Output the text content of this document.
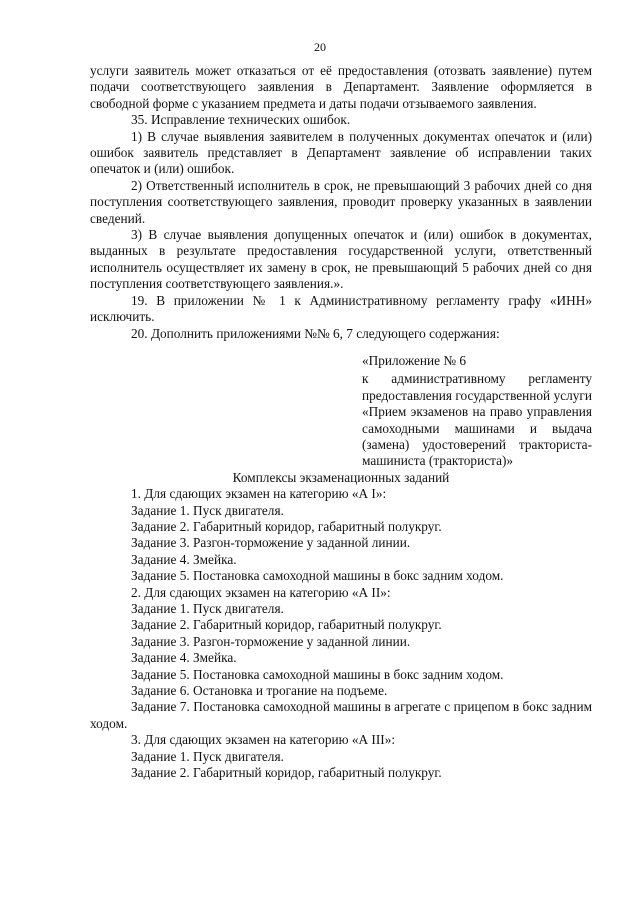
20

услуги заявитель может отказаться от её предоставления (отозвать заявление) путем подачи соответствующего заявления в Департамент. Заявление оформляется в свободной форме с указанием предмета и даты подачи отзываемого заявления.

35. Исправление технических ошибок.

1) В случае выявления заявителем в полученных документах опечаток и (или) ошибок заявитель представляет в Департамент заявление об исправлении таких опечаток и (или) ошибок.

2) Ответственный исполнитель в срок, не превышающий 3 рабочих дней со дня поступления соответствующего заявления, проводит проверку указанных в заявлении сведений.

3) В случае выявления допущенных опечаток и (или) ошибок в документах, выданных в результате предоставления государственной услуги, ответственный исполнитель осуществляет их замену в срок, не превышающий 5 рабочих дней со дня поступления соответствующего заявления.».

19. В приложении № 1 к Административному регламенту графу «ИНН» исключить.

20. Дополнить приложениями №№ 6, 7 следующего содержания:

«Приложение № 6

к административному регламенту предоставления государственной услуги «Прием экзаменов на право управления самоходными машинами и выдача (замена) удостоверений тракториста-машиниста (тракториста)»

Комплексы экзаменационных заданий

1. Для сдающих экзамен на категорию «А I»:

Задание 1. Пуск двигателя.

Задание 2. Габаритный коридор, габаритный полукруг.

Задание 3. Разгон-торможение у заданной линии.

Задание 4. Змейка.

Задание 5. Постановка самоходной машины в бокс задним ходом.

2. Для сдающих экзамен на категорию «А II»:

Задание 1. Пуск двигателя.

Задание 2. Габаритный коридор, габаритный полукруг.

Задание 3. Разгон-торможение у заданной линии.

Задание 4. Змейка.

Задание 5. Постановка самоходной машины в бокс задним ходом.

Задание 6. Остановка и трогание на подъеме.

Задание 7. Постановка самоходной машины в агрегате с прицепом в бокс задним ходом.

3. Для сдающих экзамен на категорию «А III»:

Задание 1. Пуск двигателя.

Задание 2. Габаритный коридор, габаритный полукруг.
